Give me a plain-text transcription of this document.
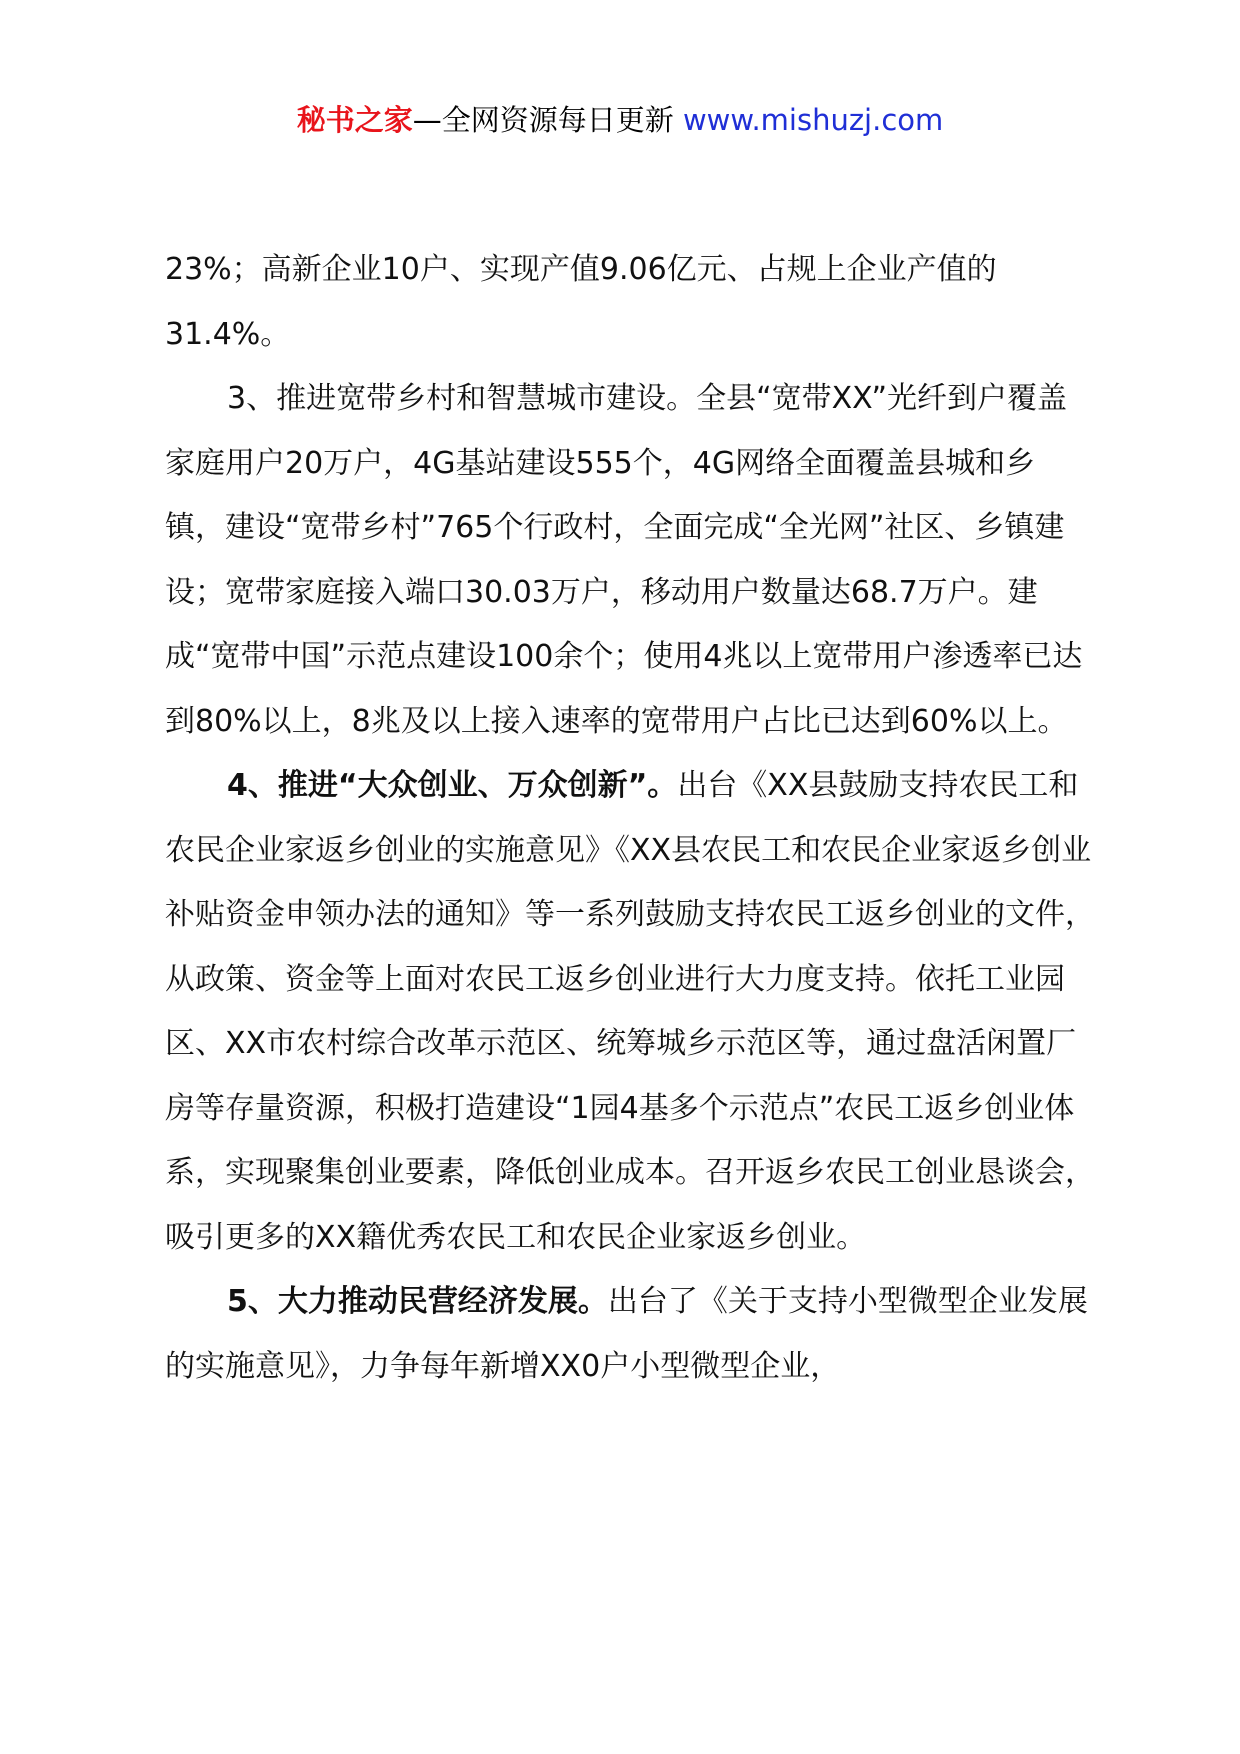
秘书之家—全网资源每日更新 www.mishuzj.com

23%；高新企业10户、实现产值9.06亿元、占规上企业产值的31.4%。

3、推进宽带乡村和智慧城市建设。全县“宽带XX”光纤到户覆盖家庭用户20万户，4G基站建设555个，4G网络全面覆盖县城和乡镇，建设“宽带乡村”765个行政村，全面完成“全光网”社区、乡镇建设；宽带家庭接入端口30.03万户，移动用户数量达68.7万户。建成“宽带中国”示范点建设100余个；使用4兆以上宽带用户渗透率已达到80%以上，8兆及以上接入速率的宽带用户占比已达到60%以上。

4、推进“大众创业、万众创新”。出台《XX县鼓励支持农民工和农民企业家返乡创业的实施意见》《XX县农民工和农民企业家返乡创业补贴资金申领办法的通知》等一系列鼓励支持农民工返乡创业的文件，从政策、资金等上面对农民工返乡创业进行大力度支持。依托工业园区、XX市农村综合改革示范区、统筹城乡示范区等，通过盘活闲置厂房等存量资源，积极打造建设“1园4基多个示范点”农民工返乡创业体系，实现聚集创业要素，降低创业成本。召开返乡农民工创业恳谈会，吸引更多的XX籍优秀农民工和农民企业家返乡创业。

5、大力推动民营经济发展。出台了《关于支持小型微型企业发展的实施意见》，力争每年新增XX0户小型微型企业，
